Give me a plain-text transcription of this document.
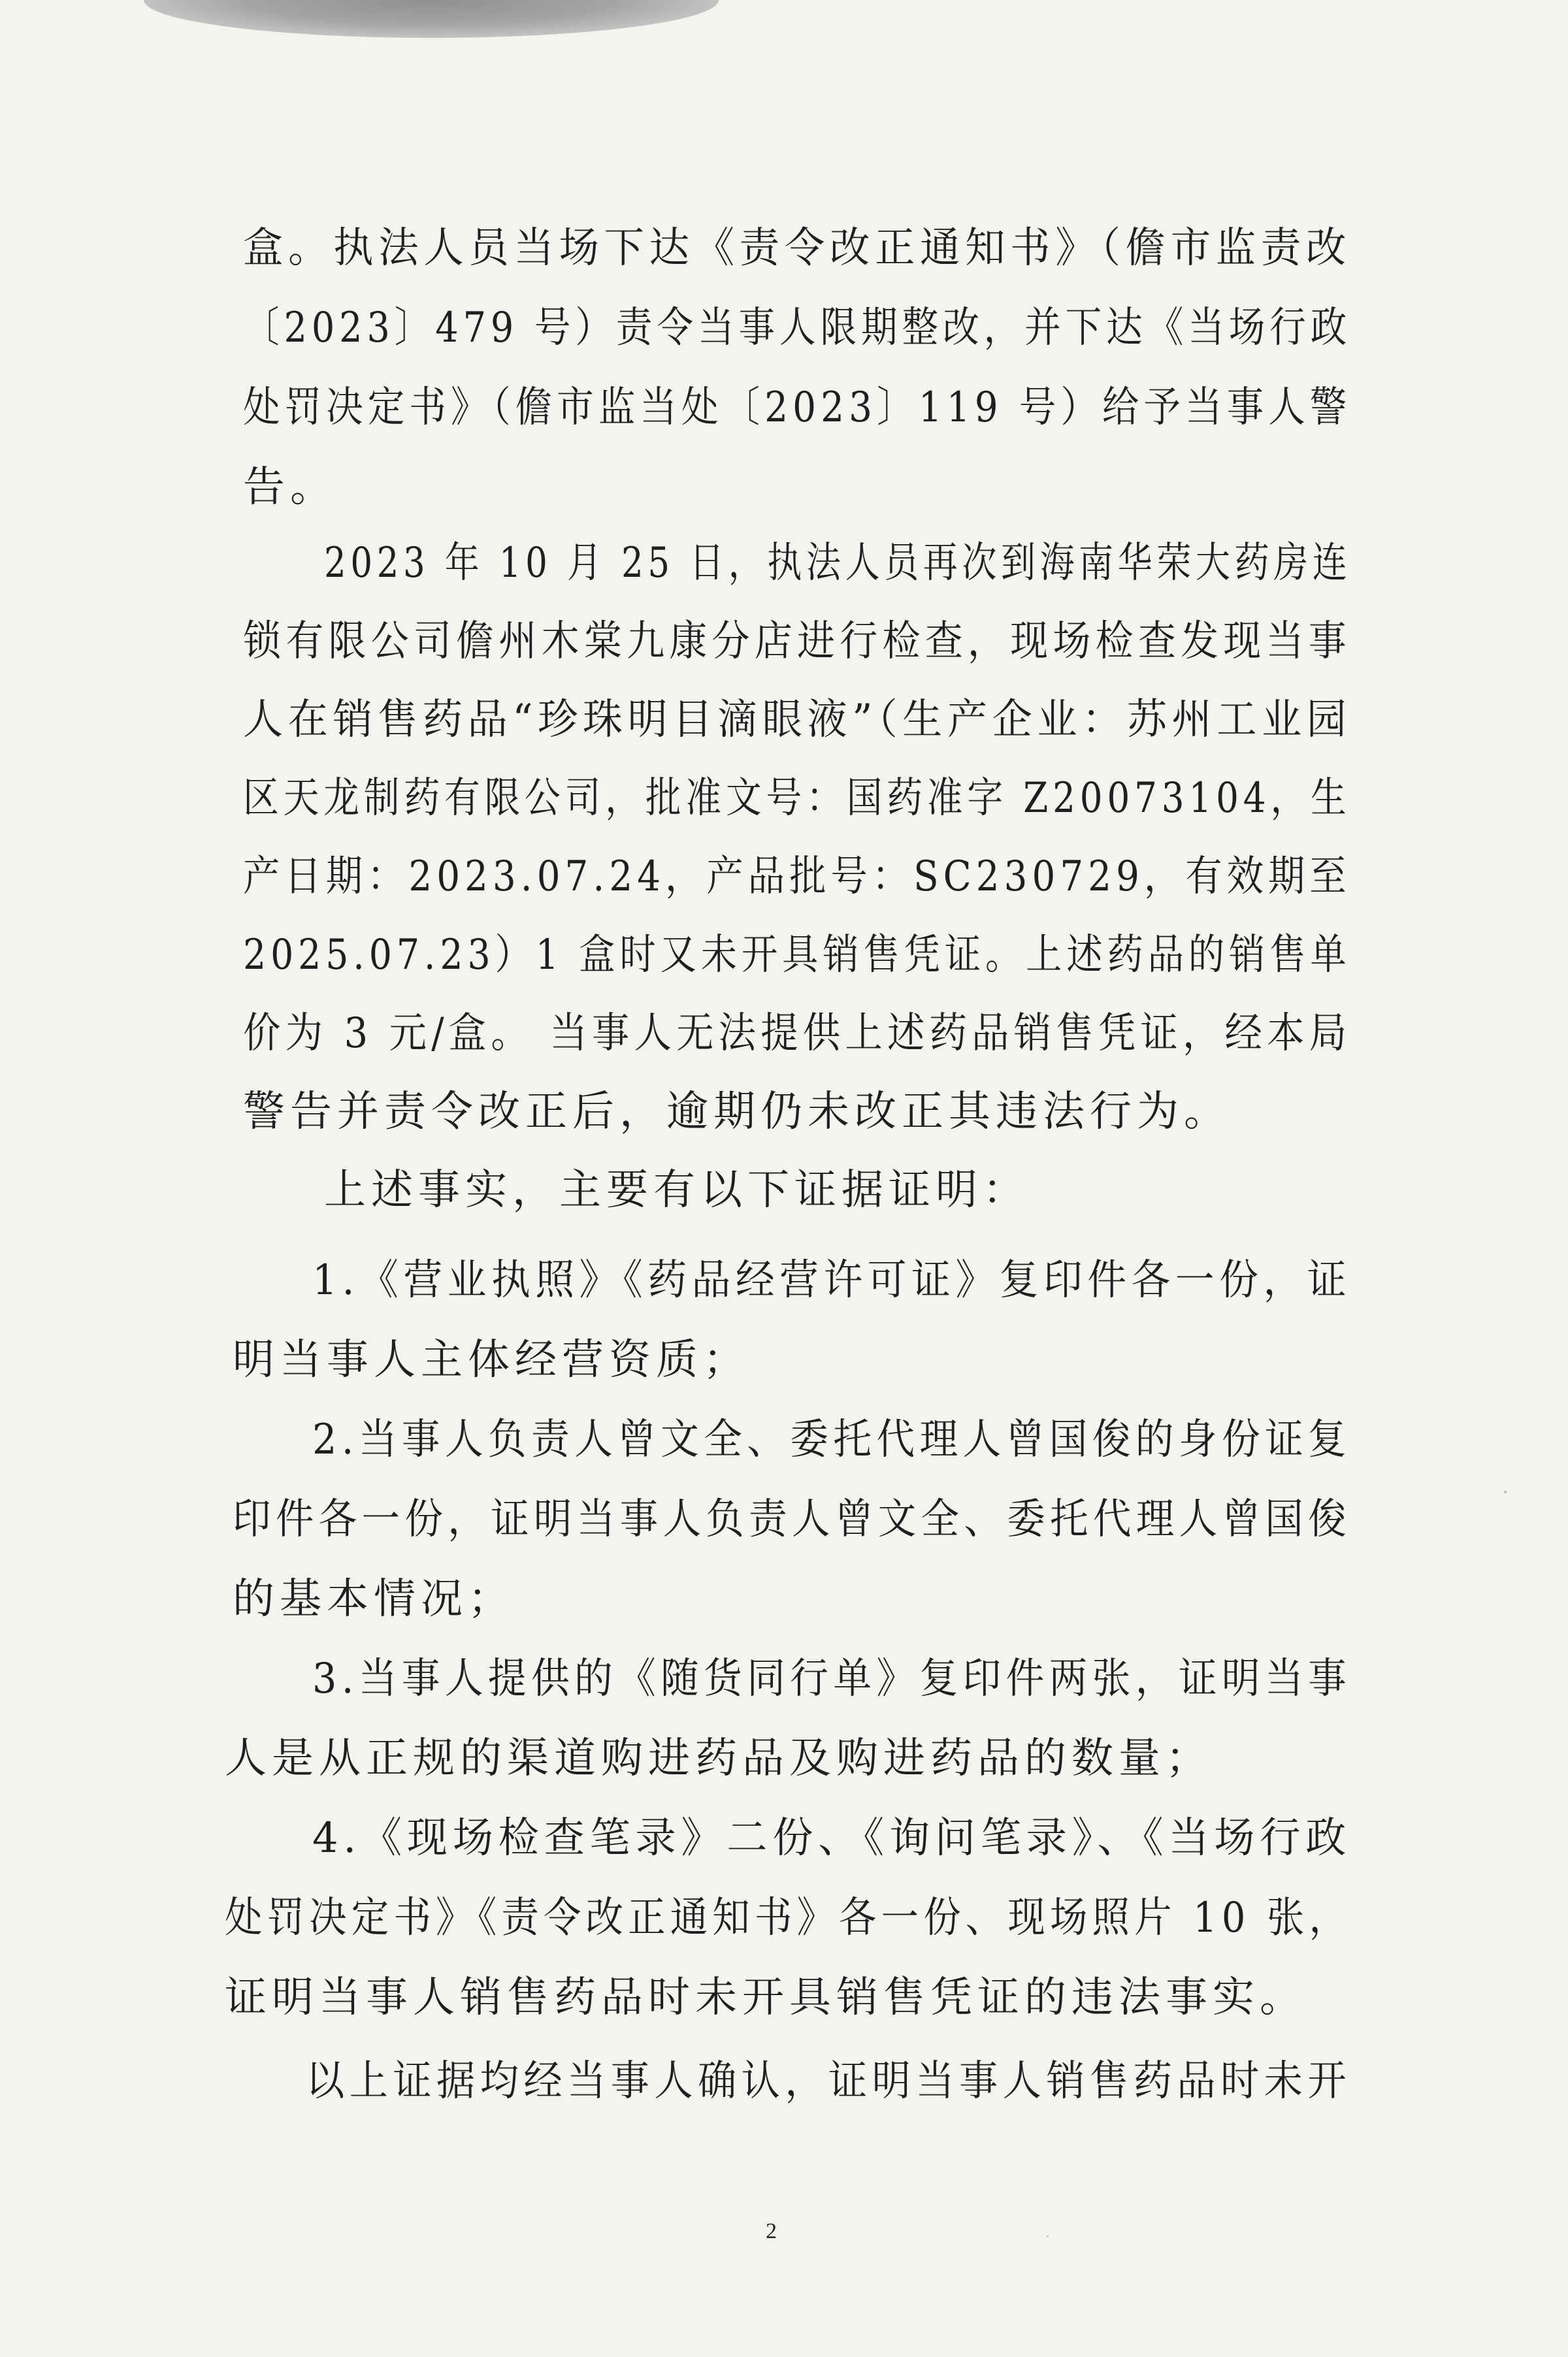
盒。执法人员当场下达《责令改正通知书》（儋市监责改
〔2023〕479 号）责令当事人限期整改，并下达《当场行政
处罚决定书》（儋市监当处〔2023〕119 号）给予当事人警
告。
2023 年 10 月 25 日，执法人员再次到海南华荣大药房连
锁有限公司儋州木棠九康分店进行检查，现场检查发现当事
人在销售药品“珍珠明目滴眼液”（生产企业：苏州工业园
区天龙制药有限公司，批准文号：国药准字 Z20073104，生
产日期：2023.07.24，产品批号：SC230729，有效期至
2025.07.23）1 盒时又未开具销售凭证。上述药品的销售单
价为 3 元/盒。 当事人无法提供上述药品销售凭证，经本局
警告并责令改正后，逾期仍未改正其违法行为。
上述事实，主要有以下证据证明：
1.《营业执照》《药品经营许可证》复印件各一份，证
明当事人主体经营资质；
2.当事人负责人曾文全、委托代理人曾国俊的身份证复
印件各一份，证明当事人负责人曾文全、委托代理人曾国俊
的基本情况；
3.当事人提供的《随货同行单》复印件两张，证明当事
人是从正规的渠道购进药品及购进药品的数量；
4.《现场检查笔录》二份、《询问笔录》、《当场行政
处罚决定书》《责令改正通知书》各一份、现场照片 10 张，
证明当事人销售药品时未开具销售凭证的违法事实。
以上证据均经当事人确认，证明当事人销售药品时未开
2
